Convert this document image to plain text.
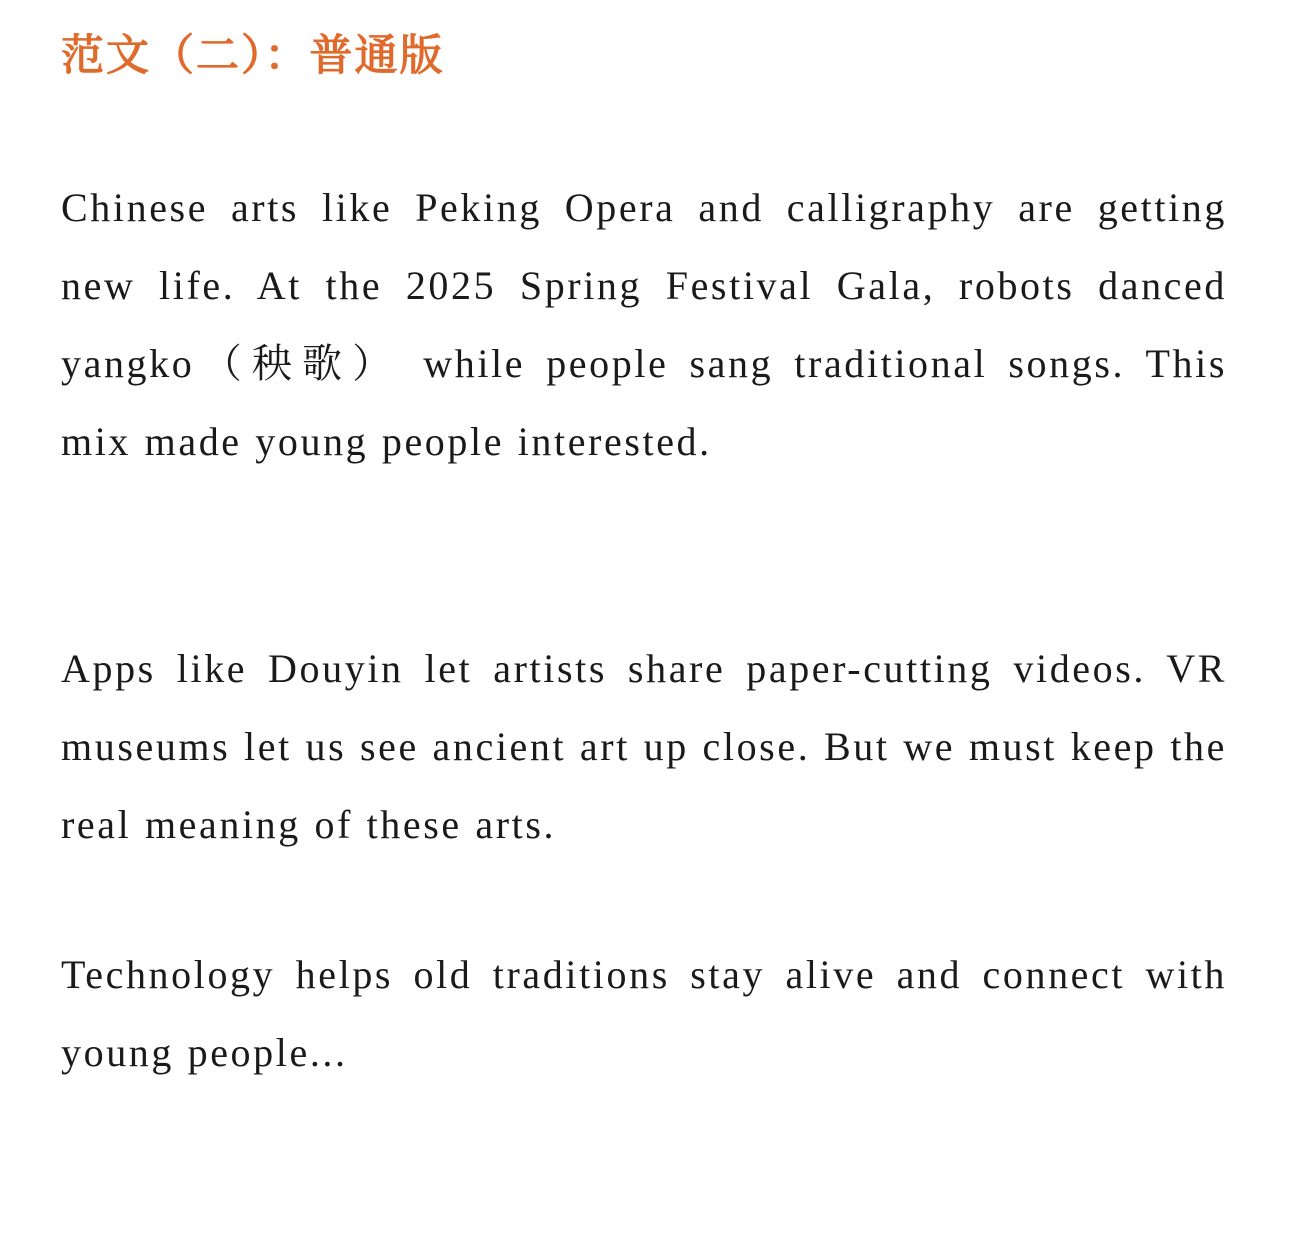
范文（二）：普通版

Chinese arts like Peking Opera and calligraphy are getting new life. At the 2025 Spring Festival Gala, robots danced yangko（秧歌） while people sang traditional songs. This mix made young people interested.

Apps like Douyin let artists share paper-cutting videos. VR museums let us see ancient art up close. But we must keep the real meaning of these arts.

Technology helps old traditions stay alive and connect with young people...
